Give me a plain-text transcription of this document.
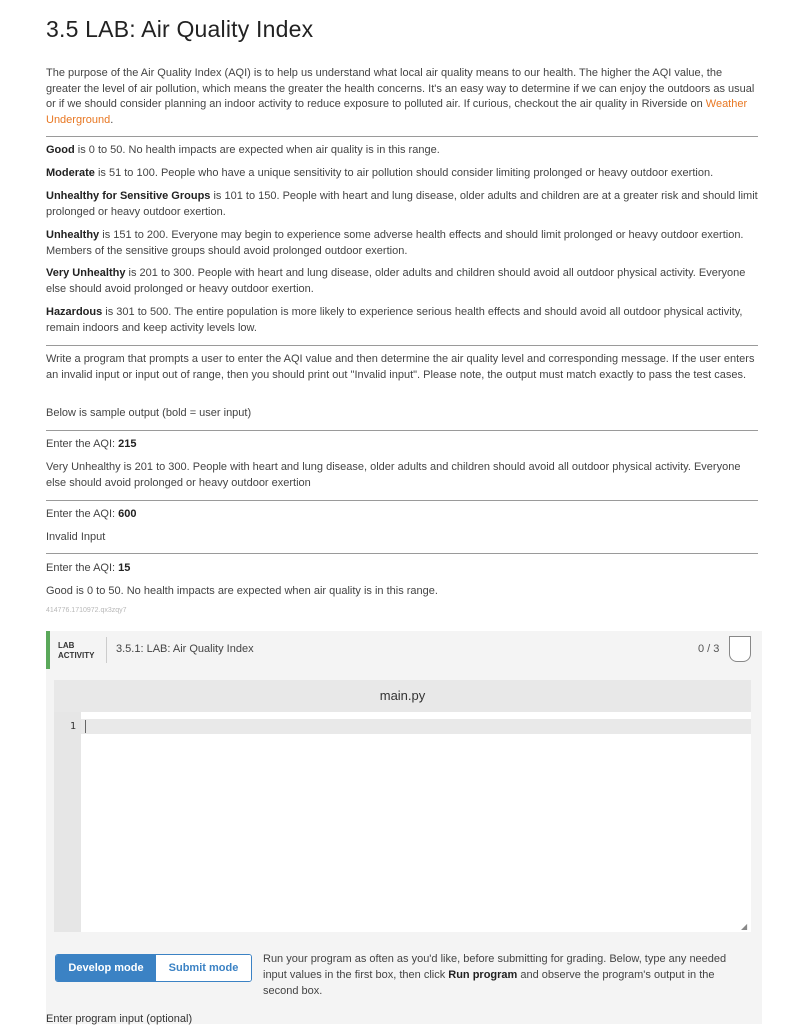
3.5 LAB: Air Quality Index

The purpose of the Air Quality Index (AQI) is to help us understand what local air quality means to our health. The higher the AQI value, the greater the level of air pollution, which means the greater the health concerns. It's an easy way to determine if we can enjoy the outdoors as usual or if we should consider planning an indoor activity to reduce exposure to polluted air. If curious, checkout the air quality in Riverside on Weather Underground.

Good is 0 to 50. No health impacts are expected when air quality is in this range.

Moderate is 51 to 100. People who have a unique sensitivity to air pollution should consider limiting prolonged or heavy outdoor exertion.

Unhealthy for Sensitive Groups is 101 to 150. People with heart and lung disease, older adults and children are at a greater risk and should limit prolonged or heavy outdoor exertion.

Unhealthy is 151 to 200. Everyone may begin to experience some adverse health effects and should limit prolonged or heavy outdoor exertion. Members of the sensitive groups should avoid prolonged outdoor exertion.

Very Unhealthy is 201 to 300. People with heart and lung disease, older adults and children should avoid all outdoor physical activity. Everyone else should avoid prolonged or heavy outdoor exertion.

Hazardous is 301 to 500. The entire population is more likely to experience serious health effects and should avoid all outdoor physical activity, remain indoors and keep activity levels low.

Write a program that prompts a user to enter the AQI value and then determine the air quality level and corresponding message. If the user enters an invalid input or input out of range, then you should print out "Invalid input". Please note, the output must match exactly to pass the test cases.

Below is sample output (bold = user input)

Enter the AQI: 215

Very Unhealthy is 201 to 300. People with heart and lung disease, older adults and children should avoid all outdoor physical activity. Everyone else should avoid prolonged or heavy outdoor exertion

Enter the AQI: 600

Invalid Input

Enter the AQI: 15

Good is 0 to 50. No health impacts are expected when air quality is in this range.

414776.1710972.qx3zqy7
LAB
ACTIVITY
3.5.1: LAB: Air Quality Index	0 / 3
main.py
1
◢
Develop mode	Submit mode
Run your program as often as you'd like, before submitting for grading. Below, type any needed input values in the first box, then click Run program and observe the program's output in the second box.
Enter program input (optional)
